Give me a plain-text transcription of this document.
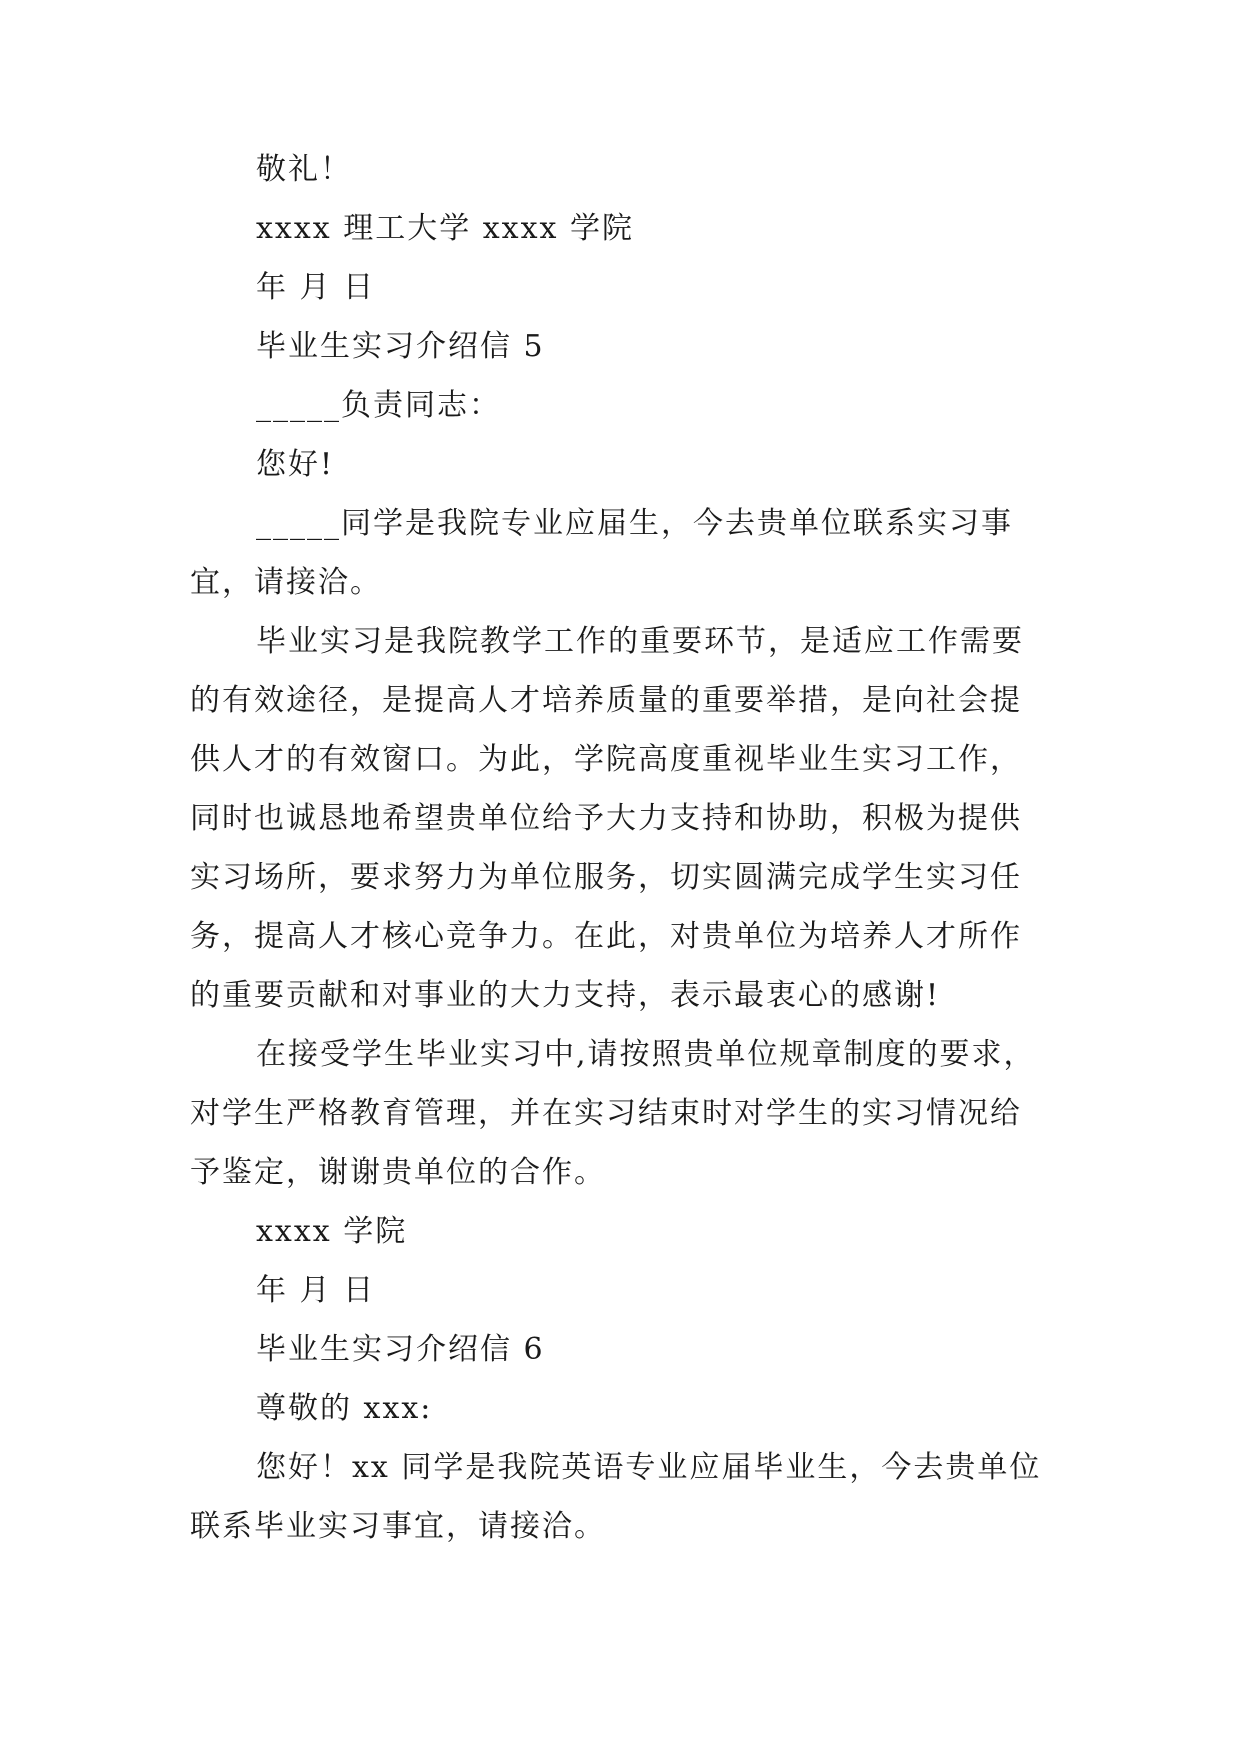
敬礼！
xxxx 理工大学 xxxx 学院
年 月 日
毕业生实习介绍信 5
_____负责同志：
您好!
_____同学是我院专业应届生，今去贵单位联系实习事
宜，请接洽。
毕业实习是我院教学工作的重要环节，是适应工作需要
的有效途径，是提高人才培养质量的重要举措，是向社会提
供人才的有效窗口。为此，学院高度重视毕业生实习工作，
同时也诚恳地希望贵单位给予大力支持和协助，积极为提供
实习场所，要求努力为单位服务，切实圆满完成学生实习任
务，提高人才核心竞争力。在此，对贵单位为培养人才所作
的重要贡献和对事业的大力支持，表示最衷心的感谢!
在接受学生毕业实习中,请按照贵单位规章制度的要求，
对学生严格教育管理，并在实习结束时对学生的实习情况给
予鉴定，谢谢贵单位的合作。
xxxx 学院
年 月 日
毕业生实习介绍信 6
尊敬的 xxx:
您好！xx 同学是我院英语专业应届毕业生，今去贵单位
联系毕业实习事宜，请接洽。
